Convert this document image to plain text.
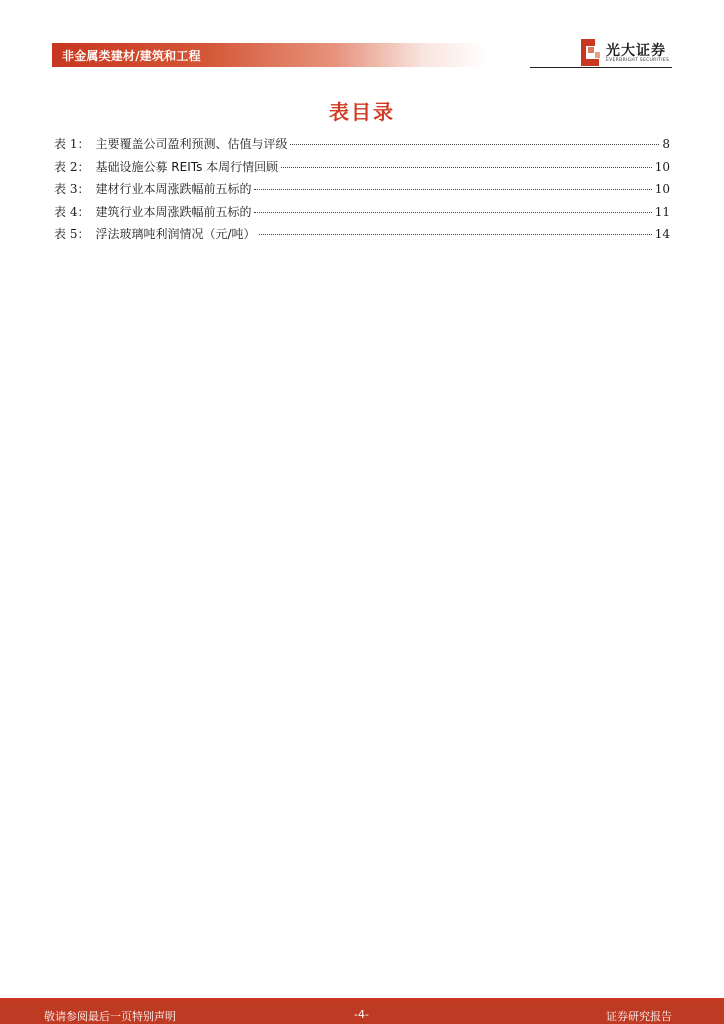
非金属类建材/建筑和工程	光大证券
EVERBRIGHT SECURITIES
表目录
表 1： 主要覆盖公司盈利预测、估值与评级	8
表 2： 基础设施公募 REITs 本周行情回顾	10
表 3： 建材行业本周涨跌幅前五标的	10
表 4： 建筑行业本周涨跌幅前五标的	11
表 5： 浮法玻璃吨利润情况（元/吨）	14
敬请参阅最后一页特别声明	-4-	证券研究报告
